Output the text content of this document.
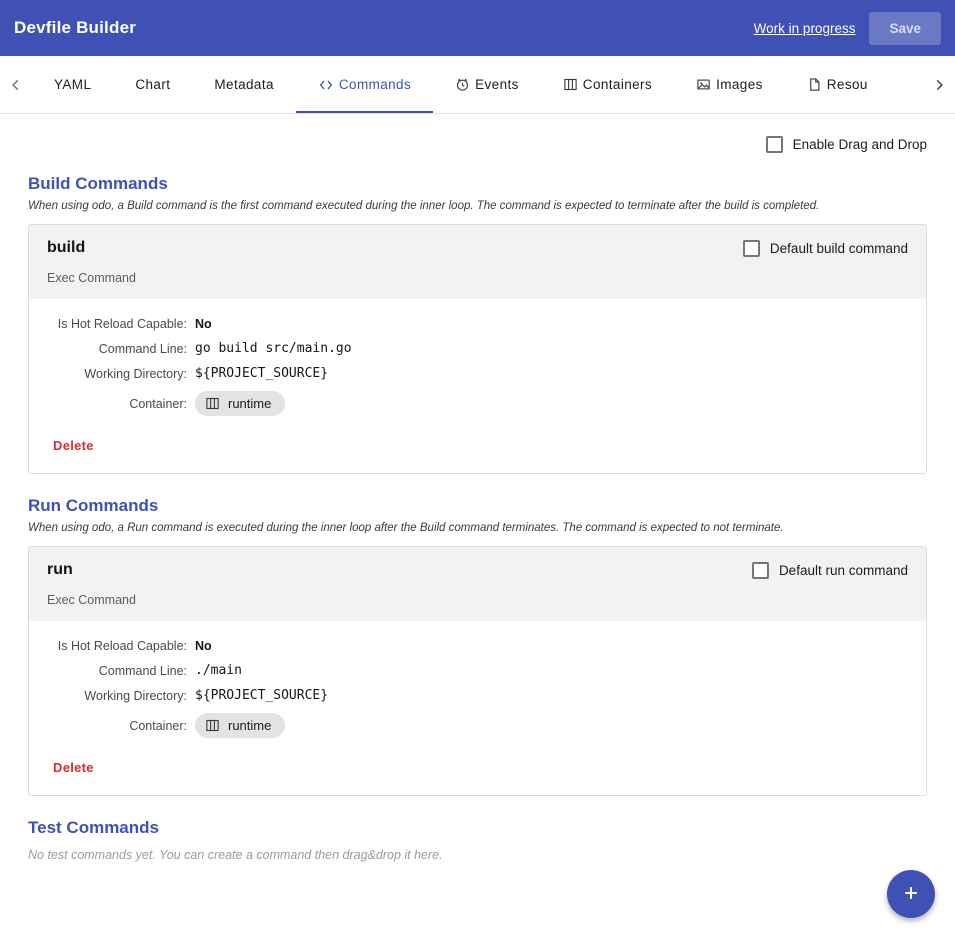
Devfile Builder	Work in progress	Save
YAML	Chart	Metadata	Commands	Events	Containers	Images	Resou
Enable Drag and Drop
Build Commands

When using odo, a Build command is the first command executed during the inner loop. The command is expected to terminate after the build is completed.

build	Default build command
Exec Command
Is Hot Reload Capable: No
Command Line: go build src/main.go
Working Directory: ${PROJECT_SOURCE}
Container:	runtime
Delete
Run Commands

When using odo, a Run command is executed during the inner loop after the Build command terminates. The command is expected to not terminate.

run	Default run command
Exec Command
Is Hot Reload Capable: No
Command Line: ./main
Working Directory: ${PROJECT_SOURCE}
Container:	runtime
Delete
Test Commands

No test commands yet. You can create a command then drag&drop it here.
